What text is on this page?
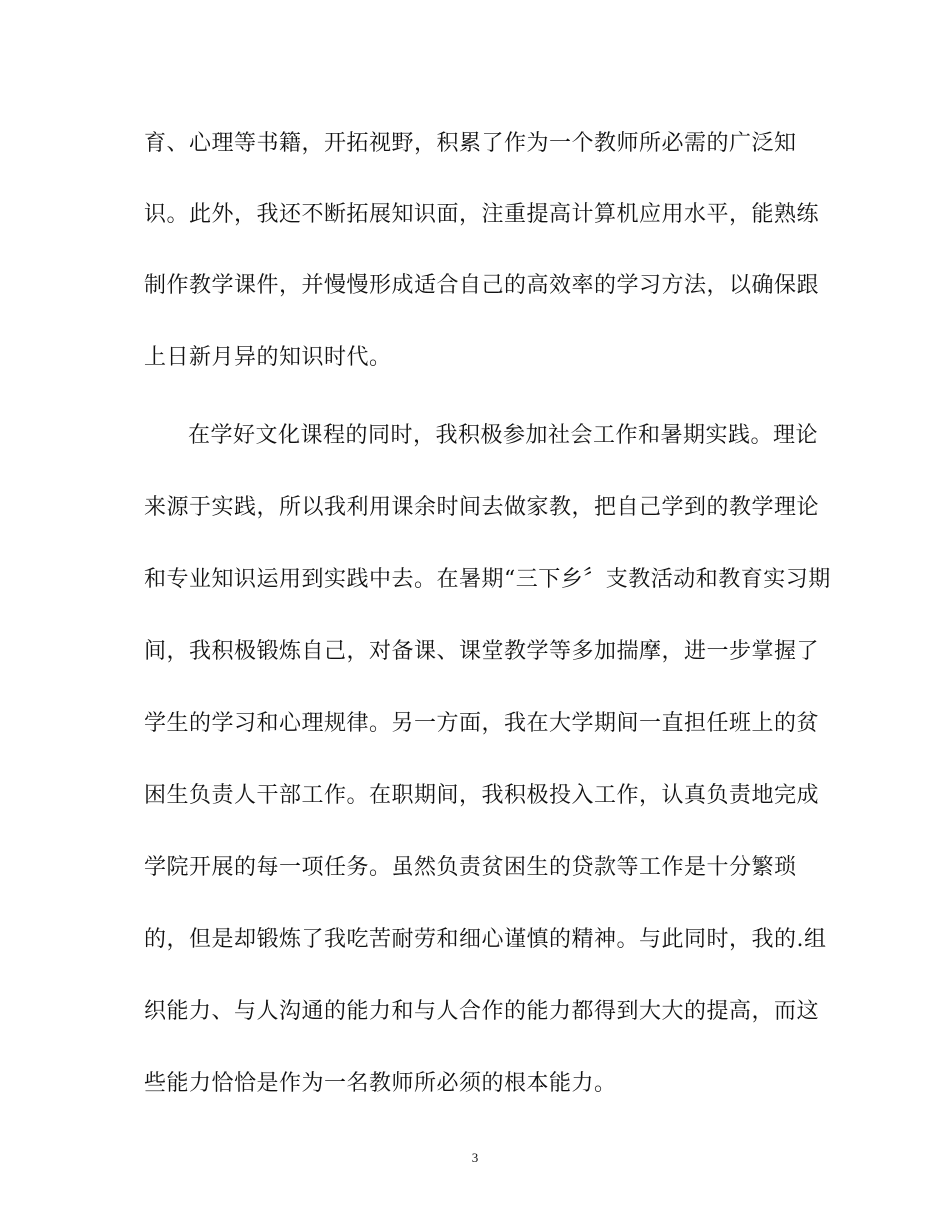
育、心理等书籍，开拓视野，积累了作为一个教师所必需的广泛知
识。此外，我还不断拓展知识面，注重提高计算机应用水平，能熟练
制作教学课件，并慢慢形成适合自己的高效率的学习方法，以确保跟
上日新月异的知识时代。
在学好文化课程的同时，我积极参加社会工作和暑期实践。理论
来源于实践，所以我利用课余时间去做家教，把自己学到的教学理论
和专业知识运用到实践中去。在暑期“三下乡〞支教活动和教育实习期
间，我积极锻炼自己，对备课、课堂教学等多加揣摩，进一步掌握了
学生的学习和心理规律。另一方面，我在大学期间一直担任班上的贫
困生负责人干部工作。在职期间，我积极投入工作，认真负责地完成
学院开展的每一项任务。虽然负责贫困生的贷款等工作是十分繁琐
的，但是却锻炼了我吃苦耐劳和细心谨慎的精神。与此同时，我的.组
织能力、与人沟通的能力和与人合作的能力都得到大大的提高，而这
些能力恰恰是作为一名教师所必须的根本能力。
3
